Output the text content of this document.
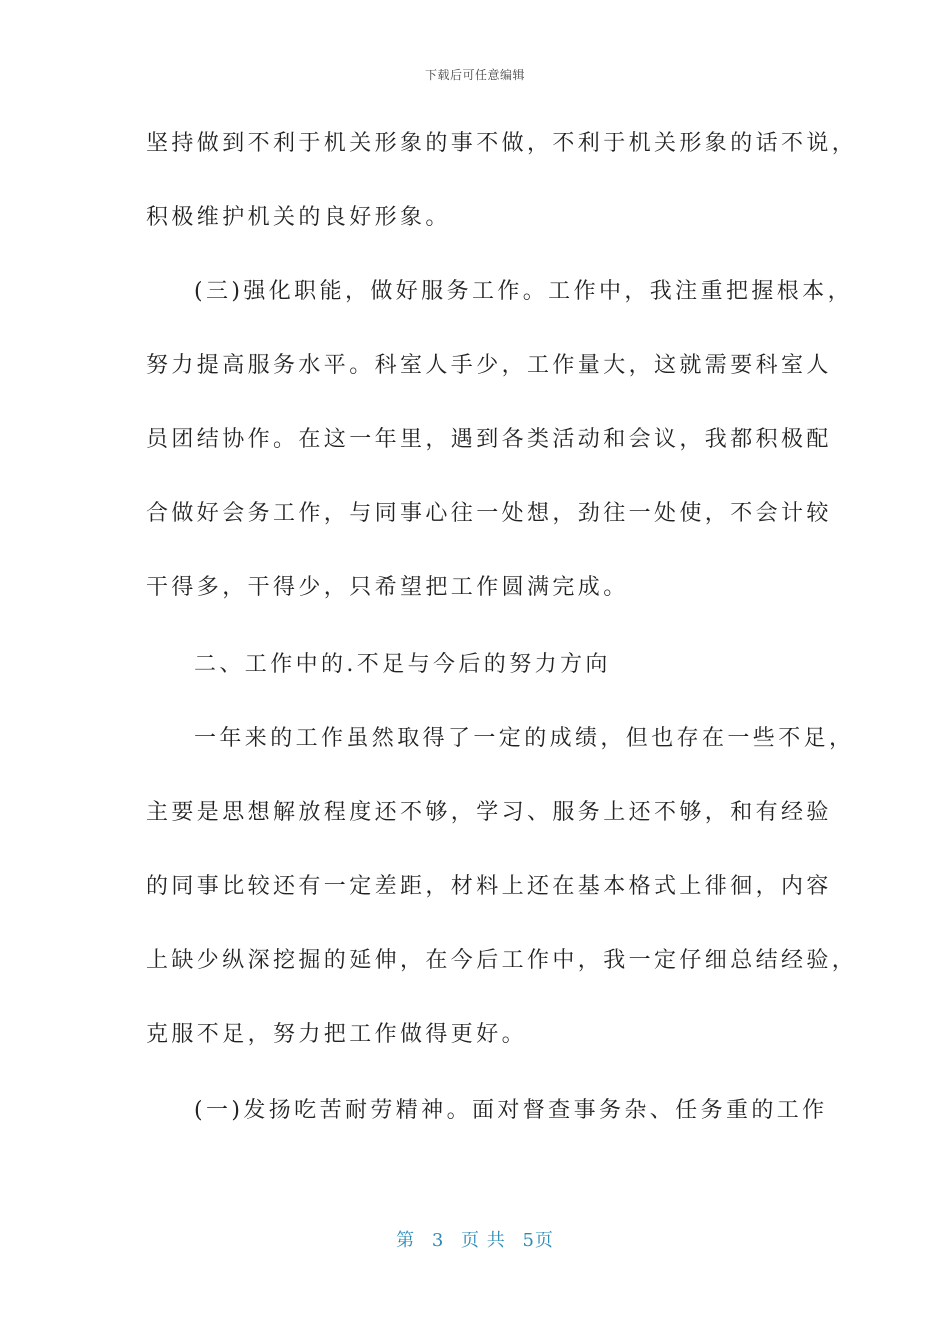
下载后可任意编辑
坚持做到不利于机关形象的事不做，不利于机关形象的话不说，
积极维护机关的良好形象。
(三)强化职能，做好服务工作。工作中，我注重把握根本，
努力提高服务水平。科室人手少，工作量大，这就需要科室人
员团结协作。在这一年里，遇到各类活动和会议，我都积极配
合做好会务工作，与同事心往一处想，劲往一处使，不会计较
干得多，干得少，只希望把工作圆满完成。
二、工作中的.不足与今后的努力方向
一年来的工作虽然取得了一定的成绩，但也存在一些不足，
主要是思想解放程度还不够，学习、服务上还不够，和有经验
的同事比较还有一定差距，材料上还在基本格式上徘徊，内容
上缺少纵深挖掘的延伸，在今后工作中，我一定仔细总结经验，
克服不足，努力把工作做得更好。
(一)发扬吃苦耐劳精神。面对督查事务杂、任务重的工作
第 3 页 共 5页
